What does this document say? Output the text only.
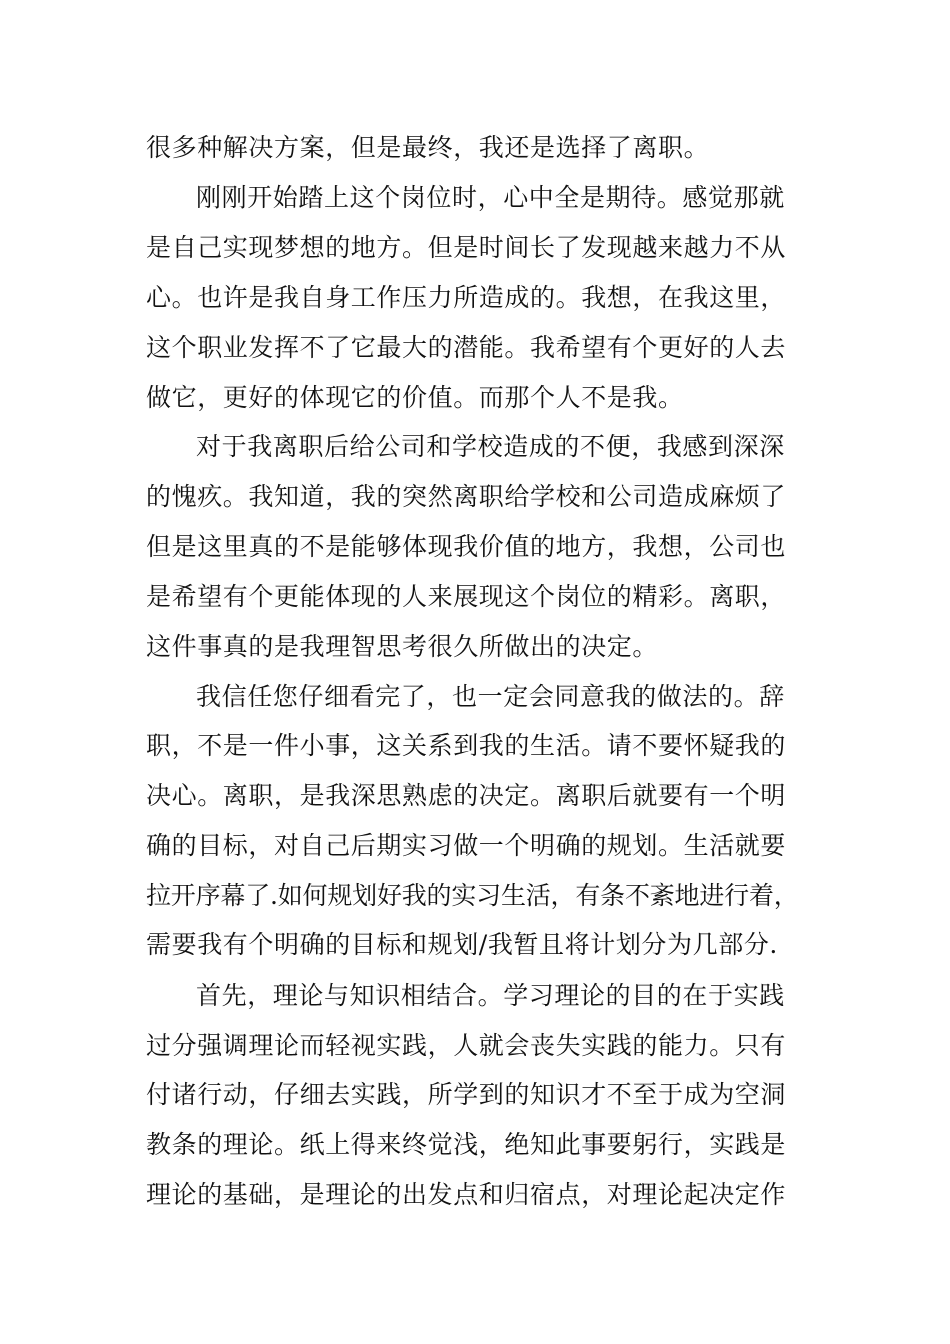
很多种解决方案，但是最终，我还是选择了离职。
刚刚开始踏上这个岗位时，心中全是期待。感觉那就
是自己实现梦想的地方。但是时间长了发现越来越力不从
心。也许是我自身工作压力所造成的。我想，在我这里，
这个职业发挥不了它最大的潜能。我希望有个更好的人去
做它，更好的体现它的价值。而那个人不是我。
对于我离职后给公司和学校造成的不便，我感到深深
的愧疚。我知道，我的突然离职给学校和公司造成麻烦了
但是这里真的不是能够体现我价值的地方，我想，公司也
是希望有个更能体现的人来展现这个岗位的精彩。离职，
这件事真的是我理智思考很久所做出的决定。
我信任您仔细看完了，也一定会同意我的做法的。辞
职，不是一件小事，这关系到我的生活。请不要怀疑我的
决心。离职，是我深思熟虑的决定。离职后就要有一个明
确的目标，对自己后期实习做一个明确的规划。生活就要
拉开序幕了.如何规划好我的实习生活，有条不紊地进行着，
需要我有个明确的目标和规划/我暂且将计划分为几部分.
首先，理论与知识相结合。学习理论的目的在于实践
过分强调理论而轻视实践，人就会丧失实践的能力。只有
付诸行动，仔细去实践，所学到的知识才不至于成为空洞
教条的理论。纸上得来终觉浅，绝知此事要躬行，实践是
理论的基础，是理论的出发点和归宿点，对理论起决定作
